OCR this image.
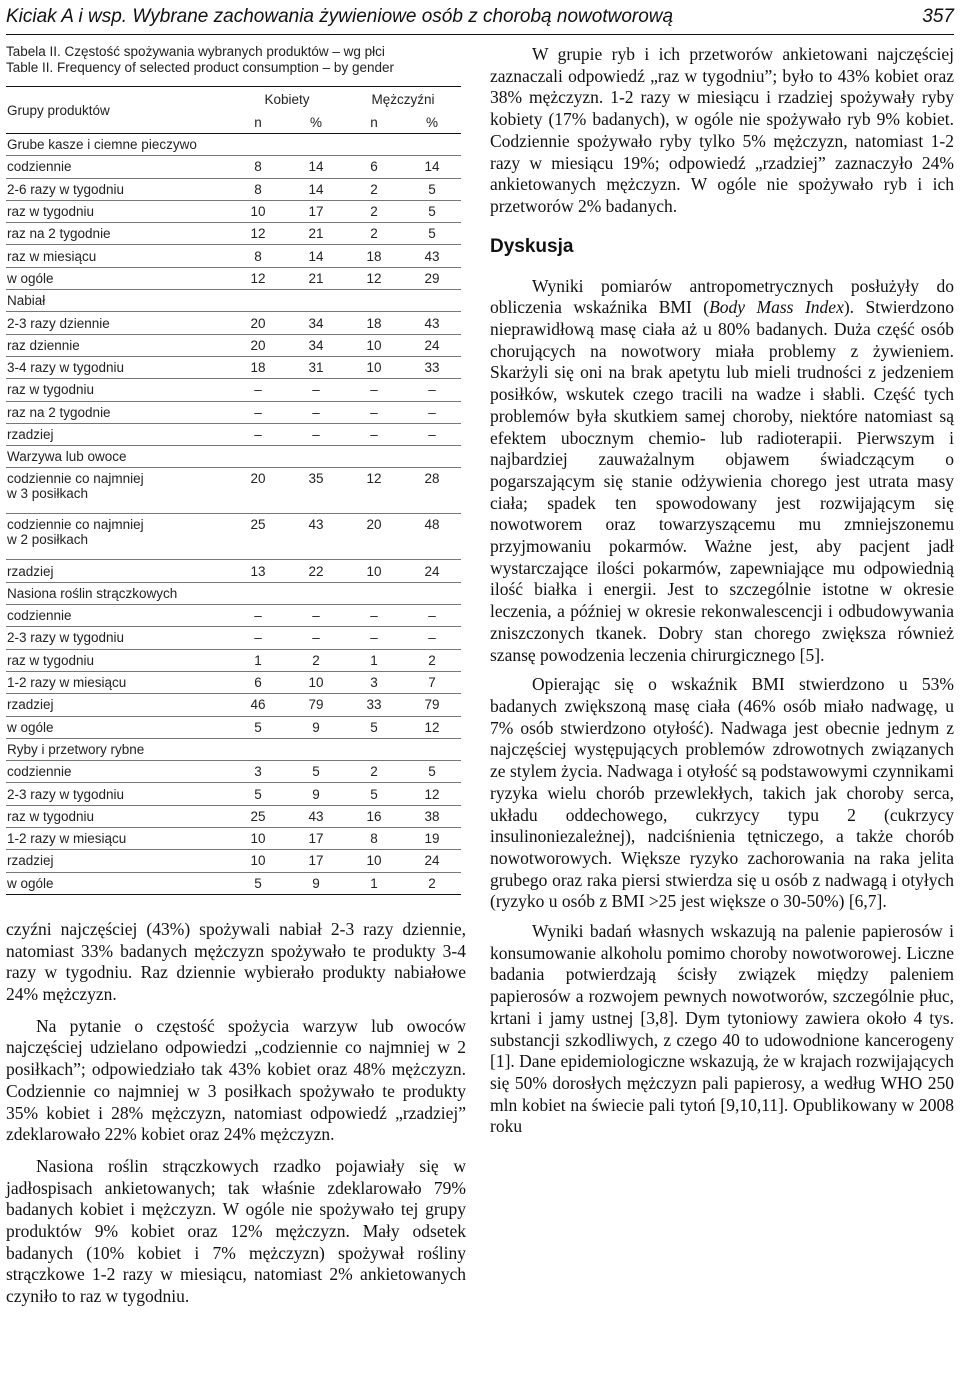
Kiciak A i wsp. Wybrane zachowania żywieniowe osób z chorobą nowotworową	357
Tabela II. Częstość spożywania wybranych produktów – wg płci
Table II. Frequency of selected product consumption – by gender
Grupy produktów	Kobiety		Mężczyźni	
	n	%	n	%
Grube kasze i ciemne pieczywo				

codziennie	8	14	6	14

2-6 razy w tygodniu	8	14	2	5

raz w tygodniu	10	17	2	5

raz na 2 tygodnie	12	21	2	5

raz w miesiącu	8	14	18	43

w ogóle	12	21	12	29
Nabiał				

2-3 razy dziennie	20	34	18	43

raz dziennie	20	34	10	24

3-4 razy w tygodniu	18	31	10	33

raz w tygodniu	–	–	–	–

raz na 2 tygodnie	–	–	–	–

rzadziej	–	–	–	–
Warzywa lub owoce				

codziennie co najmniej
w 3 posiłkach	20	35	12	28

codziennie co najmniej
w 2 posiłkach	25	43	20	48

rzadziej	13	22	10	24
Nasiona roślin strączkowych				

codziennie	–	–	–	–

2-3 razy w tygodniu	–	–	–	–

raz w tygodniu	1	2	1	2

1-2 razy w miesiącu	6	10	3	7

rzadziej	46	79	33	79

w ogóle	5	9	5	12
Ryby i przetwory rybne				

codziennie	3	5	2	5

2-3 razy w tygodniu	5	9	5	12

raz w tygodniu	25	43	16	38

1-2 razy w miesiącu	10	17	8	19

rzadziej	10	17	10	24

w ogóle	5	9	1	2

czyźni najczęściej (43%) spożywali nabiał 2-3 razy dziennie, natomiast 33% badanych mężczyzn spożywało te produkty 3-4 razy w tygodniu. Raz dziennie wybierało produkty nabiałowe 24% mężczyzn.

Na pytanie o częstość spożycia warzyw lub owoców najczęściej udzielano odpowiedzi „codziennie co najmniej w 2 posiłkach”; odpowiedziało tak 43% kobiet oraz 48% mężczyzn. Codziennie co najmniej w 3 posiłkach spożywało te produkty 35% kobiet i 28% mężczyzn, natomiast odpowiedź „rzadziej” zdeklarowało 22% kobiet oraz 24% mężczyzn.

Nasiona roślin strączkowych rzadko pojawiały się w jadłospisach ankietowanych; tak właśnie zdeklarowało 79% badanych kobiet i mężczyzn. W ogóle nie spożywało tej grupy produktów 9% kobiet oraz 12% mężczyzn. Mały odsetek badanych (10% kobiet i 7% mężczyzn) spożywał rośliny strączkowe 1-2 razy w miesiącu, natomiast 2% ankietowanych czyniło to raz w tygodniu.

W grupie ryb i ich przetworów ankietowani najczęściej zaznaczali odpowiedź „raz w tygodniu”; było to 43% kobiet oraz 38% mężczyzn. 1-2 razy w miesiącu i rzadziej spożywały ryby kobiety (17% badanych), w ogóle nie spożywało ryb 9% kobiet. Codziennie spożywało ryby tylko 5% mężczyzn, natomiast 1-2 razy w miesiącu 19%; odpowiedź „rzadziej” zaznaczyło 24% ankietowanych mężczyzn. W ogóle nie spożywało ryb i ich przetworów 2% badanych.

Dyskusja

Wyniki pomiarów antropometrycznych posłużyły do obliczenia wskaźnika BMI (Body Mass Index). Stwierdzono nieprawidłową masę ciała aż u 80% badanych. Duża część osób chorujących na nowotwory miała problemy z żywieniem. Skarżyli się oni na brak apetytu lub mieli trudności z jedzeniem posiłków, wskutek czego tracili na wadze i słabli. Część tych problemów była skutkiem samej choroby, niektóre natomiast są efektem ubocznym chemio- lub radioterapii. Pierwszym i najbardziej zauważalnym objawem świadczącym o pogarszającym się stanie odżywienia chorego jest utrata masy ciała; spadek ten spowodowany jest rozwijającym się nowotworem oraz towarzyszącemu mu zmniejszonemu przyjmowaniu pokarmów. Ważne jest, aby pacjent jadł wystarczające ilości pokarmów, zapewniające mu odpowiednią ilość białka i energii. Jest to szczególnie istotne w okresie leczenia, a później w okresie rekonwalescencji i odbudowywania zniszczonych tkanek. Dobry stan chorego zwiększa również szansę powodzenia leczenia chirurgicznego [5].

Opierając się o wskaźnik BMI stwierdzono u 53% badanych zwiększoną masę ciała (46% osób miało nadwagę, u 7% osób stwierdzono otyłość). Nadwaga jest obecnie jednym z najczęściej występujących problemów zdrowotnych związanych ze stylem życia. Nadwaga i otyłość są podstawowymi czynnikami ryzyka wielu chorób przewlekłych, takich jak choroby serca, układu oddechowego, cukrzycy typu 2 (cukrzycy insulinoniezależnej), nadciśnienia tętniczego, a także chorób nowotworowych. Większe ryzyko zachorowania na raka jelita grubego oraz raka piersi stwierdza się u osób z nadwagą i otyłych (ryzyko u osób z BMI >25 jest większe o 30-50%) [6,7].

Wyniki badań własnych wskazują na palenie papierosów i konsumowanie alkoholu pomimo choroby nowotworowej. Liczne badania potwierdzają ścisły związek między paleniem papierosów a rozwojem pewnych nowotworów, szczególnie płuc, krtani i jamy ustnej [3,8]. Dym tytoniowy zawiera około 4 tys. substancji szkodliwych, z czego 40 to udowodnione kancerogeny [1]. Dane epidemiologiczne wskazują, że w krajach rozwijających się 50% dorosłych mężczyzn pali papierosy, a według WHO 250 mln kobiet na świecie pali tytoń [9,10,11]. Opublikowany w 2008 roku
